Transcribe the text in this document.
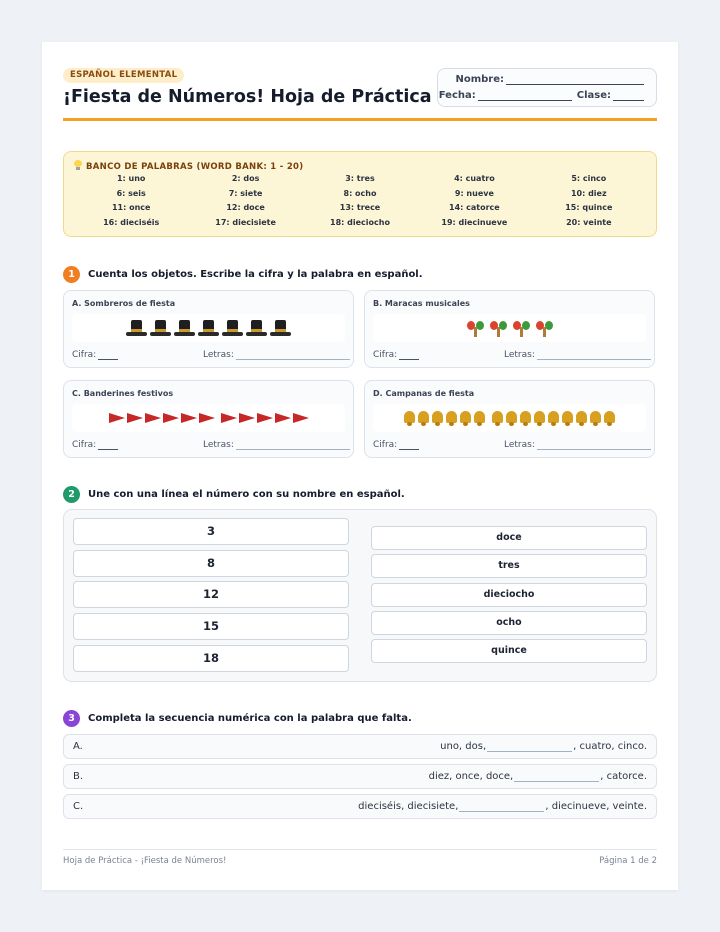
ESPAÑOL ELEMENTAL
¡Fiesta de Números! Hoja de Práctica
Nombre:
Fecha:	Clase:
BANCO DE PALABRAS (WORD BANK: 1 - 20)
1: uno	2: dos	3: tres	4: cuatro	5: cinco
6: seis	7: siete	8: ocho	9: nueve	10: diez
11: once	12: doce	13: trece	14: catorce	15: quince
16: dieciséis	17: diecisiete	18: dieciocho	19: diecinueve	20: veinte
1	Cuenta los objetos. Escribe la cifra y la palabra en español.
A. Sombreros de fiesta
Cifra:	Letras:
B. Maracas musicales
Cifra:	Letras:
C. Banderines festivos
Cifra:	Letras:
D. Campanas de fiesta
Cifra:	Letras:
2	Une con una línea el número con su nombre en español.
3
8
12
15
18
doce
tres
dieciocho
ocho
quince
3	Completa la secuencia numérica con la palabra que falta.
A.	uno, dos,	, cuatro, cinco.
B.	diez, once, doce,	, catorce.
C.	dieciséis, diecisiete,	, diecinueve, veinte.
Hoja de Práctica - ¡Fiesta de Números!	Página 1 de 2
